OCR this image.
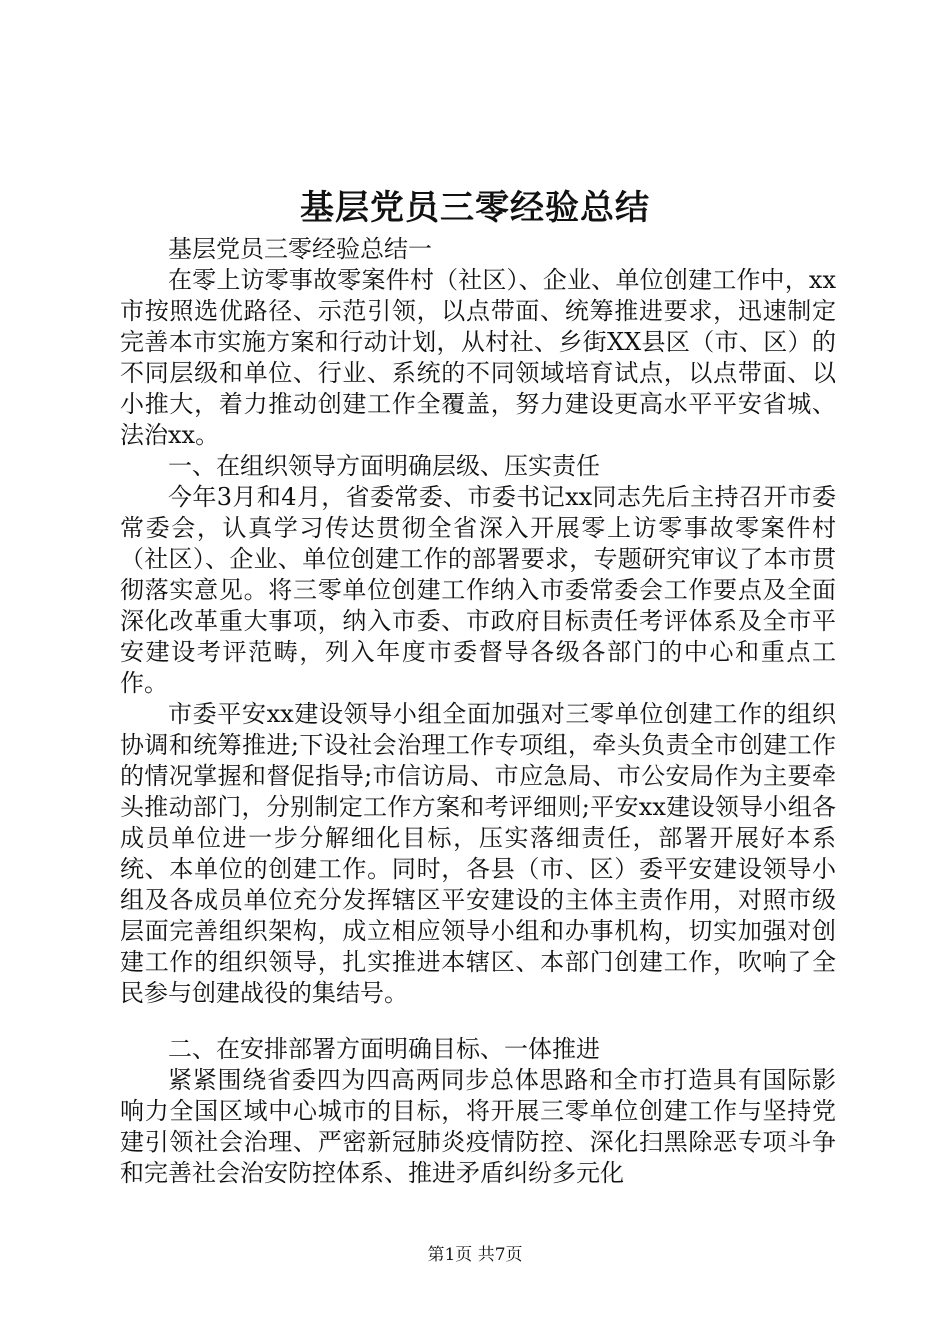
基层党员三零经验总结

基层党员三零经验总结一

在零上访零事故零案件村（社区）、企业、单位创建工作中，xx市按照选优路径、示范引领，以点带面、统筹推进要求，迅速制定完善本市实施方案和行动计划，从村社、乡街XX县区（市、区）的不同层级和单位、行业、系统的不同领域培育试点，以点带面、以小推大，着力推动创建工作全覆盖，努力建设更高水平平安省城、法治xx。

一、在组织领导方面明确层级、压实责任

今年3月和4月，省委常委、市委书记xx同志先后主持召开市委常委会，认真学习传达贯彻全省深入开展零上访零事故零案件村（社区）、企业、单位创建工作的部署要求，专题研究审议了本市贯彻落实意见。将三零单位创建工作纳入市委常委会工作要点及全面深化改革重大事项，纳入市委、市政府目标责任考评体系及全市平安建设考评范畴，列入年度市委督导各级各部门的中心和重点工作。

市委平安xx建设领导小组全面加强对三零单位创建工作的组织协调和统筹推进;下设社会治理工作专项组，牵头负责全市创建工作的情况掌握和督促指导;市信访局、市应急局、市公安局作为主要牵头推动部门，分别制定工作方案和考评细则;平安xx建设领导小组各成员单位进一步分解细化目标，压实落细责任，部署开展好本系统、本单位的创建工作。同时，各县（市、区）委平安建设领导小组及各成员单位充分发挥辖区平安建设的主体主责作用，对照市级层面完善组织架构，成立相应领导小组和办事机构，切实加强对创建工作的组织领导，扎实推进本辖区、本部门创建工作，吹响了全民参与创建战役的集结号。

二、在安排部署方面明确目标、一体推进

紧紧围绕省委四为四高两同步总体思路和全市打造具有国际影响力全国区域中心城市的目标，将开展三零单位创建工作与坚持党建引领社会治理、严密新冠肺炎疫情防控、深化扫黑除恶专项斗争和完善社会治安防控体系、推进矛盾纠纷多元化

第1页 共7页
